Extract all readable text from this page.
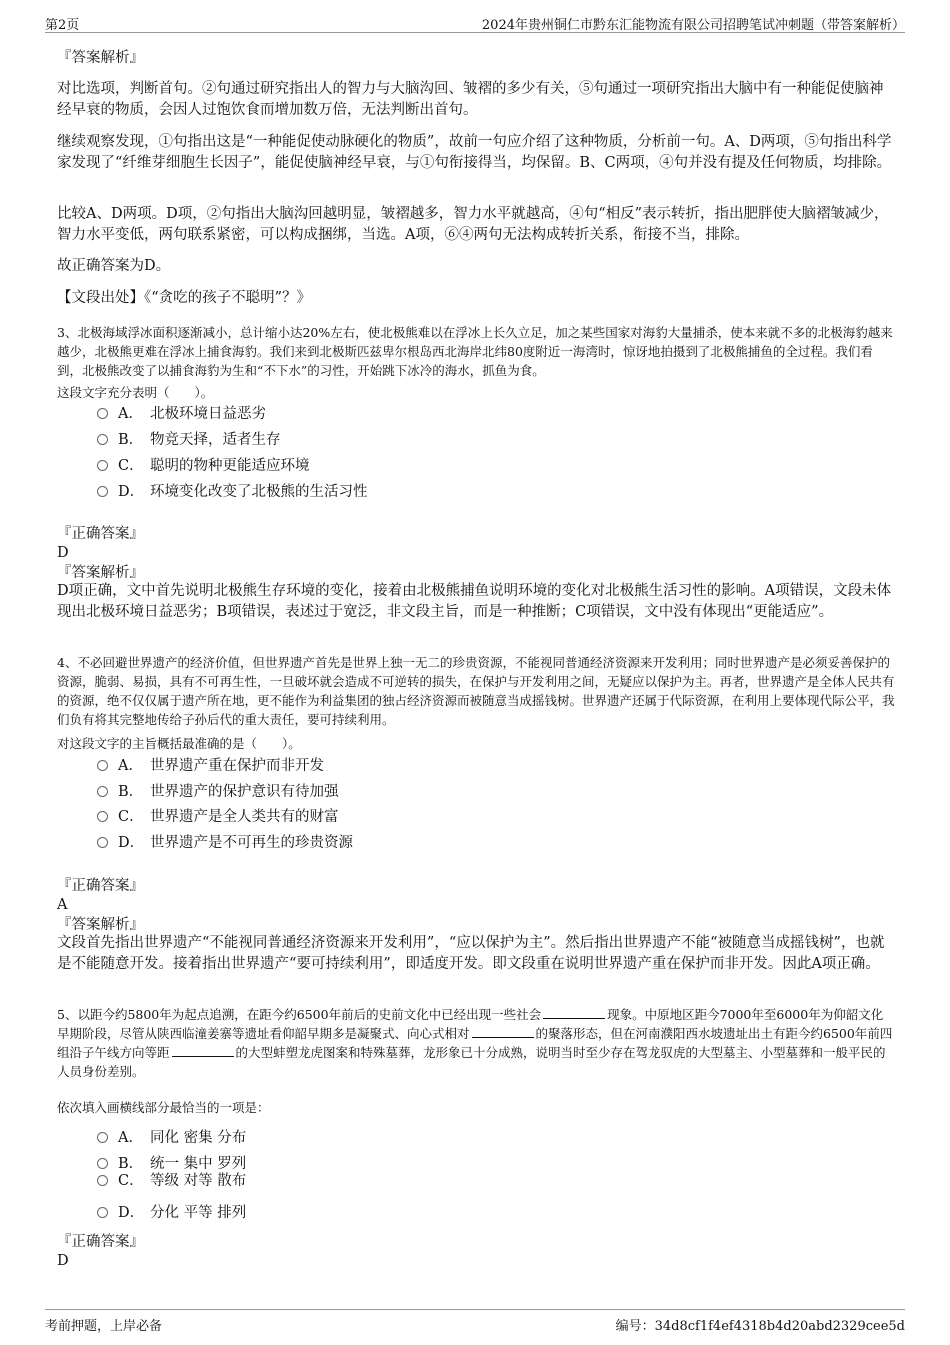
第2页	2024年贵州铜仁市黔东汇能物流有限公司招聘笔试冲刺题（带答案解析）
『答案解析』

对比选项，判断首句。②句通过研究指出人的智力与大脑沟回、皱褶的多少有关，⑤句通过一项研究指出大脑中有一种能促使脑神经早衰的物质，会因人过饱饮食而增加数万倍，无法判断出首句。

继续观察发现，①句指出这是“一种能促使动脉硬化的物质”，故前一句应介绍了这种物质，分析前一句。A、D两项，⑤句指出科学家发现了“纤维芽细胞生长因子”，能促使脑神经早衰，与①句衔接得当，均保留。B、C两项，④句并没有提及任何物质，均排除。

比较A、D两项。D项，②句指出大脑沟回越明显，皱褶越多，智力水平就越高，④句“相反”表示转折，指出肥胖使大脑褶皱减少，智力水平变低，两句联系紧密，可以构成捆绑，当选。A项，⑥④两句无法构成转折关系，衔接不当，排除。

故正确答案为D。

【文段出处】《“贪吃的孩子不聪明”？》

3、北极海域浮冰面积逐渐减小，总计缩小达20%左右，使北极熊难以在浮冰上长久立足，加之某些国家对海豹大量捕杀，使本来就不多的北极海豹越来越少，北极熊更难在浮冰上捕食海豹。我们来到北极斯匹兹卑尔根岛西北海岸北纬80度附近一海湾时，惊讶地拍摄到了北极熊捕鱼的全过程。我们看到，北极熊改变了以捕食海豹为生和“不下水”的习性，开始跳下冰冷的海水，抓鱼为食。

这段文字充分表明（　　）。

A． 北极环境日益恶劣
B． 物竞天择，适者生存
C． 聪明的物种更能适应环境
D． 环境变化改变了北极熊的生活习性
『正确答案』
D
『答案解析』

D项正确，文中首先说明北极熊生存环境的变化，接着由北极熊捕鱼说明环境的变化对北极熊生活习性的影响。A项错误，文段未体现出北极环境日益恶劣；B项错误，表述过于宽泛，非文段主旨，而是一种推断；C项错误，文中没有体现出“更能适应”。

4、不必回避世界遗产的经济价值，但世界遗产首先是世界上独一无二的珍贵资源，不能视同普通经济资源来开发利用；同时世界遗产是必须妥善保护的资源，脆弱、易损，具有不可再生性，一旦破坏就会造成不可逆转的损失，在保护与开发利用之间，无疑应以保护为主。再者，世界遗产是全体人民共有的资源，绝不仅仅属于遗产所在地，更不能作为利益集团的独占经济资源而被随意当成摇钱树。世界遗产还属于代际资源，在利用上要体现代际公平，我们负有将其完整地传给子孙后代的重大责任，要可持续利用。

对这段文字的主旨概括最准确的是（　　）。

A． 世界遗产重在保护而非开发
B． 世界遗产的保护意识有待加强
C． 世界遗产是全人类共有的财富
D． 世界遗产是不可再生的珍贵资源
『正确答案』
A
『答案解析』

文段首先指出世界遗产“不能视同普通经济资源来开发利用”，“应以保护为主”。然后指出世界遗产不能“被随意当成摇钱树”，也就是不能随意开发。接着指出世界遗产“要可持续利用”，即适度开发。即文段重在说明世界遗产重在保护而非开发。因此A项正确。

5、以距今约5800年为起点追溯，在距今约6500年前后的史前文化中已经出现一些社会	现象。中原地区距今7000年至6000年为仰韶文化早期阶段，尽管从陕西临潼姜寨等遗址看仰韶早期多是凝聚式、向心式相对	的聚落形态，但在河南濮阳西水坡遗址出土有距今约6500年前四组沿子午线方向等距	的大型蚌塑龙虎图案和特殊墓葬，龙形象已十分成熟，说明当时至少存在驾龙驭虎的大型墓主、小型墓葬和一般平民的人员身份差别。

依次填入画横线部分最恰当的一项是：

A． 同化 密集 分布
B． 统一 集中 罗列
C． 等级 对等 散布
D． 分化 平等 排列
『正确答案』
D
考前押题，上岸必备	编号：34d8cf1f4ef4318b4d20abd2329cee5d
